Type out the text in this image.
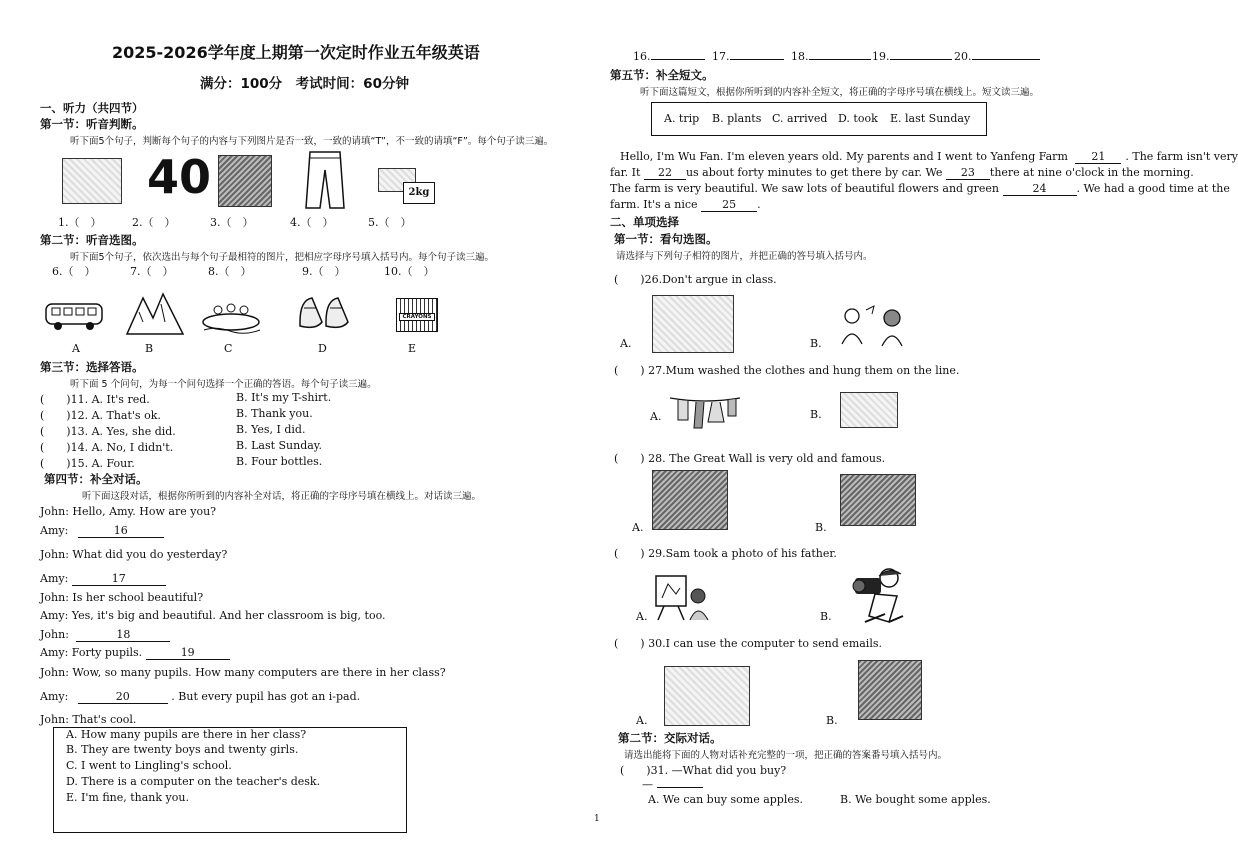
2025-2026学年度上期第一次定时作业五年级英语
满分：100分　考试时间：60分钟
一、听力（共四节）
第一节：听音判断。
听下面5个句子，判断每个句子的内容与下列图片是否一致，一致的请填“T”，不一致的请填“F”。每个句子读三遍。
40	2kg
1.（　）	2.（　）	3.（　）	4.（　）	5.（　）
第二节：听音选图。
听下面5个句子，依次选出与每个句子最相符的图片，把相应字母序号填入括号内。每个句子读三遍。
6.（　）	7.（　）	8.（　）	9.（　）	10.（　）
CRAYONS
A	B	C	D	E
第三节：选择答语。
听下面 5 个问句，为每一个问句选择一个正确的答语。每个句子读三遍。
(　　)11. A. It's red.	B. It's my T-shirt.
(　　)12. A. That's ok.	B. Thank you.
(　　)13. A. Yes, she did.	B. Yes, I did.
(　　)14. A. No, I didn't.	B. Last Sunday.
(　　)15. A. Four.	B. Four bottles.
第四节：补全对话。
听下面这段对话，根据你所听到的内容补全对话，将正确的字母序号填在横线上。对话读三遍。
John: Hello, Amy. How are you?
Amy:	16
John: What did you do yesterday?
Amy:	17
John: Is her school beautiful?
Amy: Yes, it's big and beautiful. And her classroom is big, too.
John:	18
Amy: Forty pupils.	19
John: Wow, so many pupils. How many computers are there in her class?
Amy:	20	. But every pupil has got an i-pad.
John: That's cool.
A. How many pupils are there in her class?
B. They are twenty boys and twenty girls.
C. I went to Lingling's school.
D. There is a computer on the teacher's desk.
E. I'm fine, thank you.
16.	17.	18.	19.	20.
第五节：补全短文。
听下面这篇短文，根据你所听到的内容补全短文，将正确的字母序号填在横线上。短文读三遍。
A. trip B. plants C. arrived D. took E. last Sunday
Hello, I'm Wu Fan. I'm eleven years old. My parents and I went to Yanfeng Farm 21 . The farm isn't very
far. It 22 us about forty minutes to get there by car. We 23 there at nine o'clock in the morning.
The farm is very beautiful. We saw lots of beautiful flowers and green	24	. We had a good time at the
farm. It's a nice 25 .
二、单项选择
第一节：看句选图。
请选择与下列句子相符的图片，并把正确的答号填入括号内。
(　　)26.Don't argue in class.
A.	B.
(　　) 27.Mum washed the clothes and hung them on the line.
A.	B.
(　　) 28. The Great Wall is very old and famous.
A.	B.
(　　) 29.Sam took a photo of his father.
A.	B.
(　　) 30.I can use the computer to send emails.
A.	B.
第二节：交际对话。
请选出能将下面的人物对话补充完整的一项，把正确的答案番号填入括号内。
(　　)31. —What did you buy?
—
A. We can buy some apples.	B. We bought some apples.
1
